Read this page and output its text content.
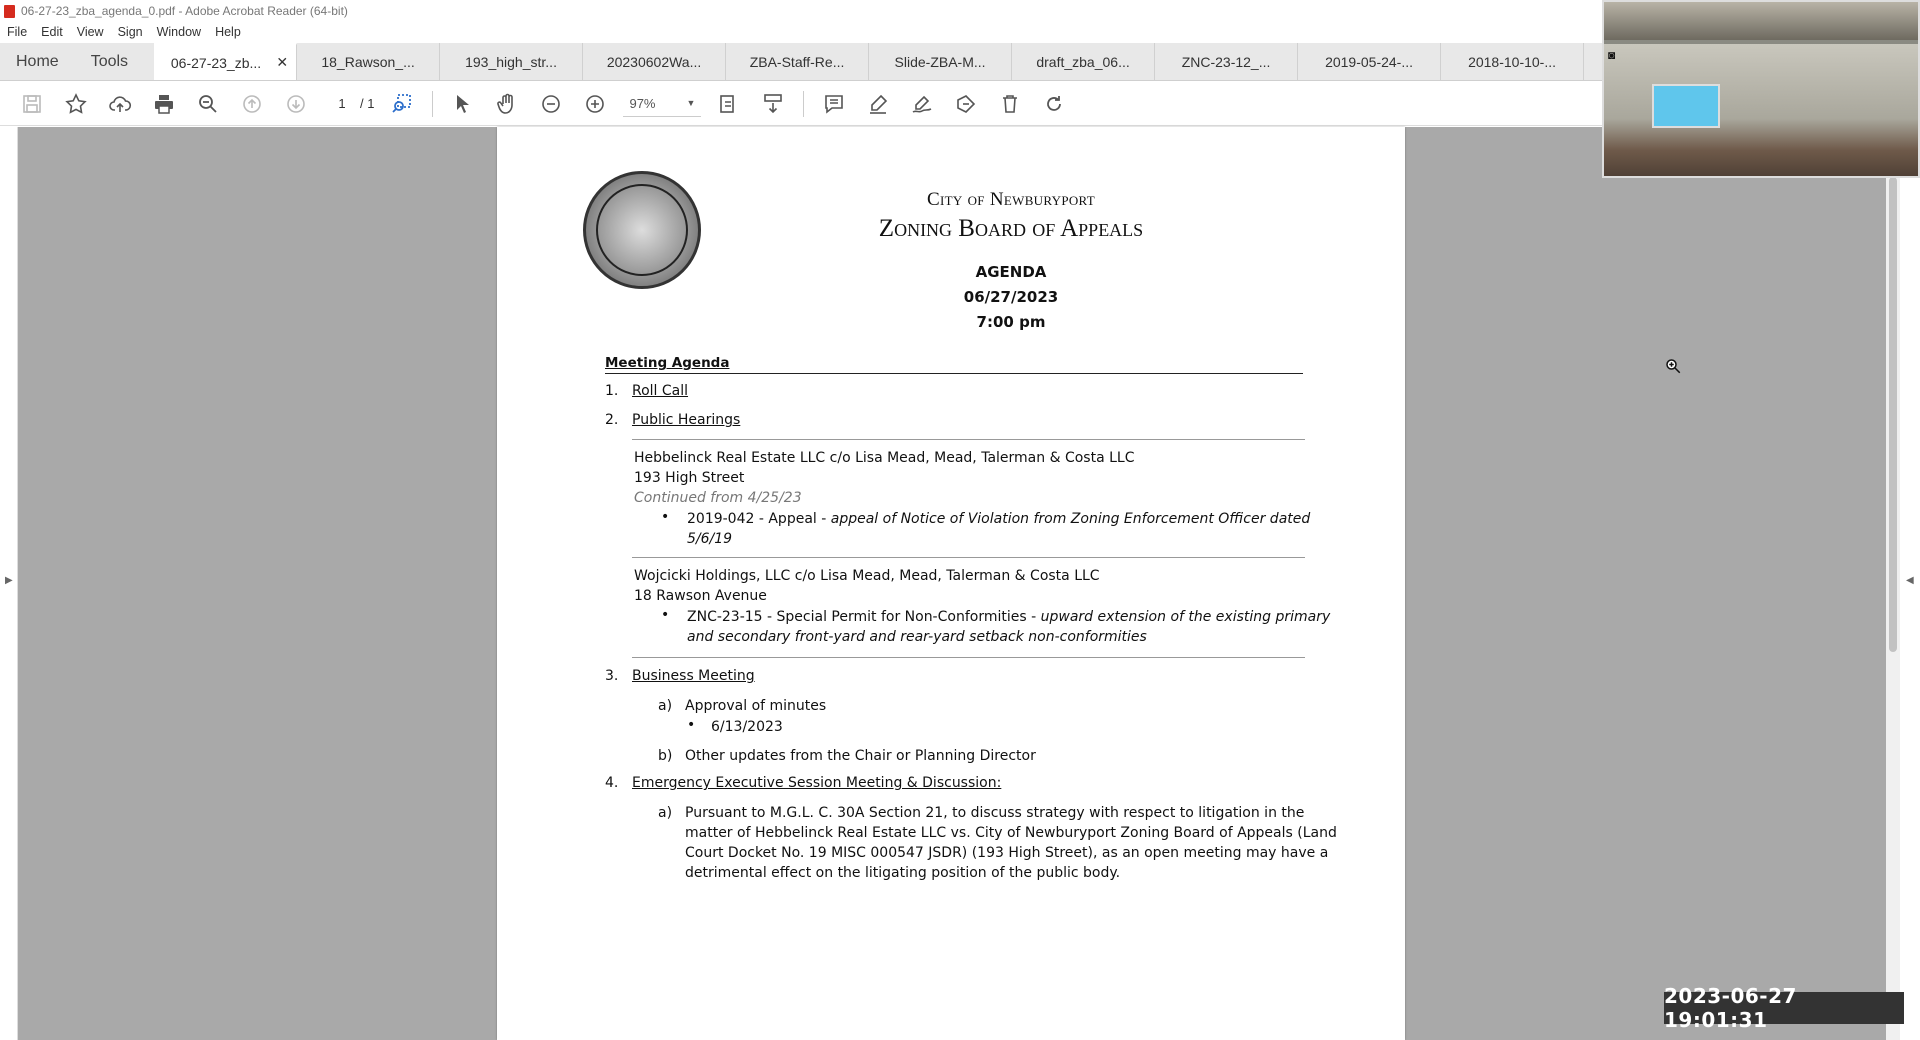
06-27-23_zba_agenda_0.pdf - Adobe Acrobat Reader (64-bit)
File	Edit	View	Sign	Window	Help
Home	Tools	06-27-23_zb... ✕ 18_Rawson_...	193_high_str...	20230602Wa...	ZBA-Staff-Re...	Slide-ZBA-M...	draft_zba_06...	ZNC-23-12_...	2019-05-24-...	2018-10-10-...
1	/ 1	97%	▼
▶	◀
City of Newburyport
Zoning Board of Appeals
AGENDA
06/27/2023
7:00 pm
Meeting Agenda
1. Roll Call
2. Public Hearings
Hebbelinck Real Estate LLC c/o Lisa Mead, Mead, Talerman & Costa LLC
193 High Street
Continued from 4/25/23
• 2019-042 - Appeal - appeal of Notice of Violation from Zoning Enforcement Officer dated
5/6/19
Wojcicki Holdings, LLC c/o Lisa Mead, Mead, Talerman & Costa LLC
18 Rawson Avenue
• ZNC-23-15 - Special Permit for Non-Conformities - upward extension of the existing primary
and secondary front-yard and rear-yard setback non-conformities
3. Business Meeting
a) Approval of minutes
• 6/13/2023
b) Other updates from the Chair or Planning Director
4. Emergency Executive Session Meeting & Discussion:
a) Pursuant to M.G.L. C. 30A Section 21, to discuss strategy with respect to litigation in the
matter of Hebbelinck Real Estate LLC vs. City of Newburyport Zoning Board of Appeals (Land
Court Docket No. 19 MISC 000547 JSDR) (193 High Street), as an open meeting may have a
detrimental effect on the litigating position of the public body.
◙
2023-06-27 19:01:31
